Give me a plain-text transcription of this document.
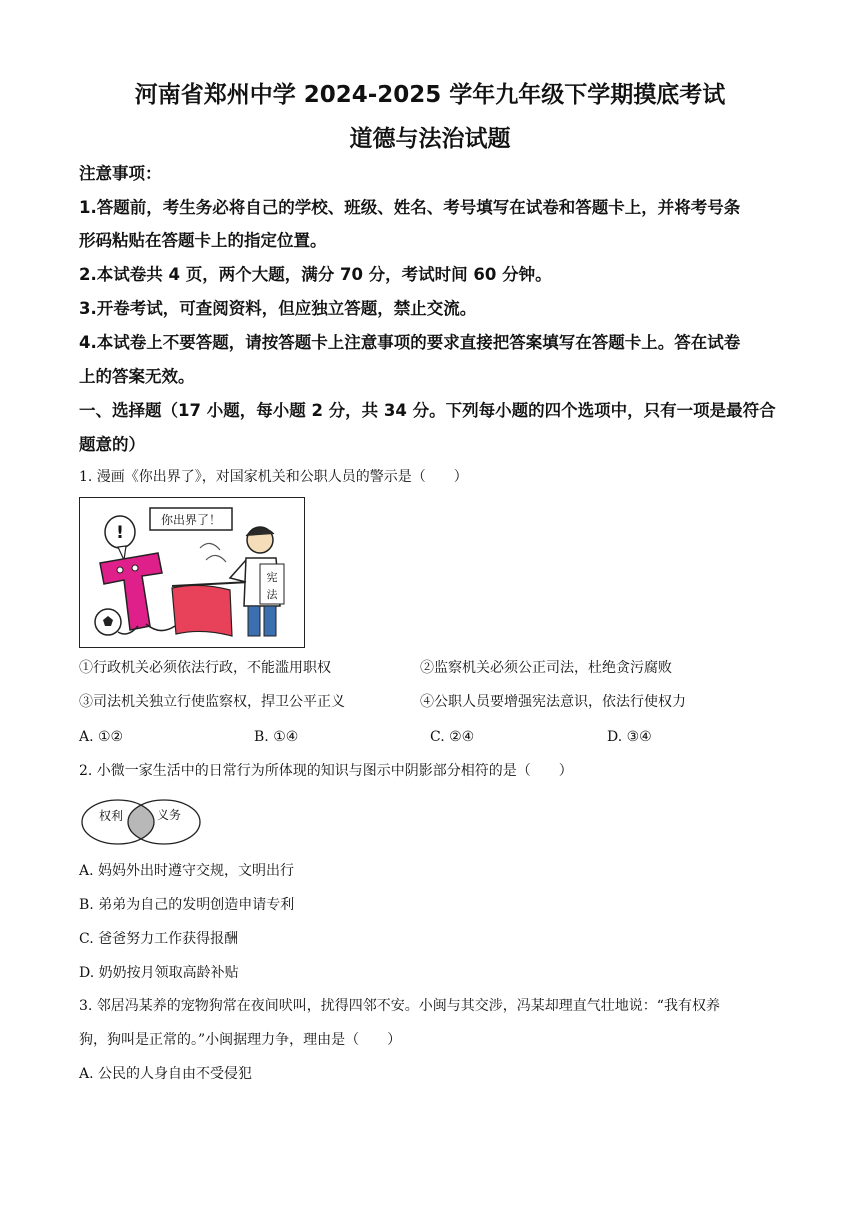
河南省郑州中学 2024-2025 学年九年级下学期摸底考试
道德与法治试题
注意事项：
1.答题前，考生务必将自己的学校、班级、姓名、考号填写在试卷和答题卡上，并将考号条
形码粘贴在答题卡上的指定位置。
2.本试卷共 4 页，两个大题，满分 70 分，考试时间 60 分钟。
3.开卷考试，可查阅资料，但应独立答题，禁止交流。
4.本试卷上不要答题，请按答题卡上注意事项的要求直接把答案填写在答题卡上。答在试卷
上的答案无效。
一、选择题（17 小题，每小题 2 分，共 34 分。下列每小题的四个选项中，只有一项是最符合
题意的）
1. 漫画《你出界了》，对国家机关和公职人员的警示是（　　）
!
你出界了！
宪
法
①行政机关必须依法行政，不能滥用职权	②监察机关必须公正司法，杜绝贪污腐败
③司法机关独立行使监察权，捍卫公平正义	④公职人员要增强宪法意识，依法行使权力
A. ①②	B. ①④	C. ②④	D. ③④
2. 小微一家生活中的日常行为所体现的知识与图示中阴影部分相符的是（　　）
权利	义务
A. 妈妈外出时遵守交规，文明出行
B. 弟弟为自己的发明创造申请专利
C. 爸爸努力工作获得报酬
D. 奶奶按月领取高龄补贴
3. 邻居冯某养的宠物狗常在夜间吠叫，扰得四邻不安。小闽与其交涉，冯某却理直气壮地说：“我有权养
狗，狗叫是正常的。”小闽据理力争，理由是（　　）
A. 公民的人身自由不受侵犯
